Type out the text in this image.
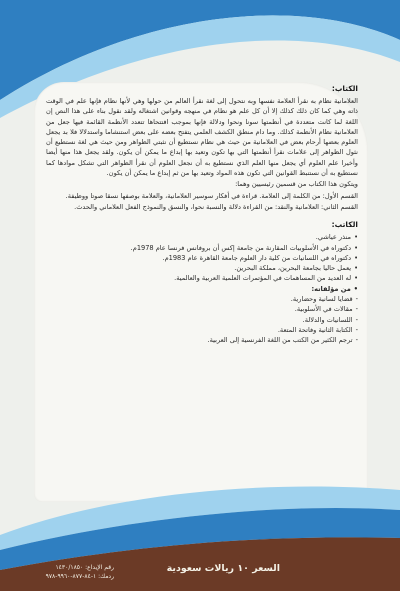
الكتاب:

العلامانية نظام به نقرأ العلامة نفسها وبه نتحول إلى لغة نقرأ العالم من حولها وهي لأنها نظام فإنها علم في الوقت ذاته وهي كما كان ذلك كذلك إلا أن كل علم هو نظام في منهجه وقوانين اشتغاله ولقد نقول بناء على هذا النص إن اللغة لما كانت متعددة في أنظمتها سونا ونحوا ودلالة فإنها بموجب افتتحاها تتعدد الأنظمة القائمة فيها جعل من العلامانية نظام الأنظمة كذلك. وما دام منطق الكشف العلمي يتفتح بعضه على بعض استنشاما واستدلالا فلا بد يجعل العلوم بعضها أرحام بعض في العلامانية من حيث هي نظام نستطيع أن نثبتي الظواهر ومن حيث هي لغة نستطيع أن نثول الظواهر إلى علامات نقرأ أنظمتها التي بها تكون وتعيد بها إبداع ما يمكن أن يكون. ولقد يجعل هذا منها أيضا وأخيرا علم العلوم أي يجعل منها العلم الذي نستطيع به أن نجعل العلوم أن نقرأ الظواهر التي تشكل موادها كما نستطيع به أن نستنبط القوانين التي تكون هذه المواد وتعيد بها من ثم إبداع ما يمكن أن يكون.

ويتكون هذا الكتاب من قسمين رئيسيين وهما:

القسم الأول: من الكلمة إلى العلامة. قراءة في أفكار سوسير العلامانية، والعلامة بوصفها نسقا صوتا ووظيفة.

القسم الثاني: العلامانية والنقد: من القراءة دلالة والنسبة نحوا، والنسق والنموذج الفعل العلاماني والحدث.

الكاتب:

•منذر عياشي.

•دكتوراه في الأسلوبيات المقارنة من جامعة إكس أن بروفانس فرنسا عام 1978م.

•دكتوراه في اللسانيات من كلية دار العلوم جامعة القاهرة عام 1983م.

•يعمل حاليا بجامعة البحرين، مملكة البحرين.

•له العديد من المساهمات في المؤتمرات العلمية العربية والعالمية.

•من مؤلفاته:

-قضايا لسانية وحضارية.

-مقالات في الأسلوبية.

-اللسانيات والدلالة.

-الكتابة الثانية وفاتحة المتعة.

-ترجم الكثير من الكتب من اللغة الفرنسية إلى العربية.

السعر ١٠ ريالات سعودية
رقم الإيداع: ١٤٣٠/١٨٥٠
ردمك: ١-٨٤-٨٧٧-٩٩٦٠-٩٧٨
